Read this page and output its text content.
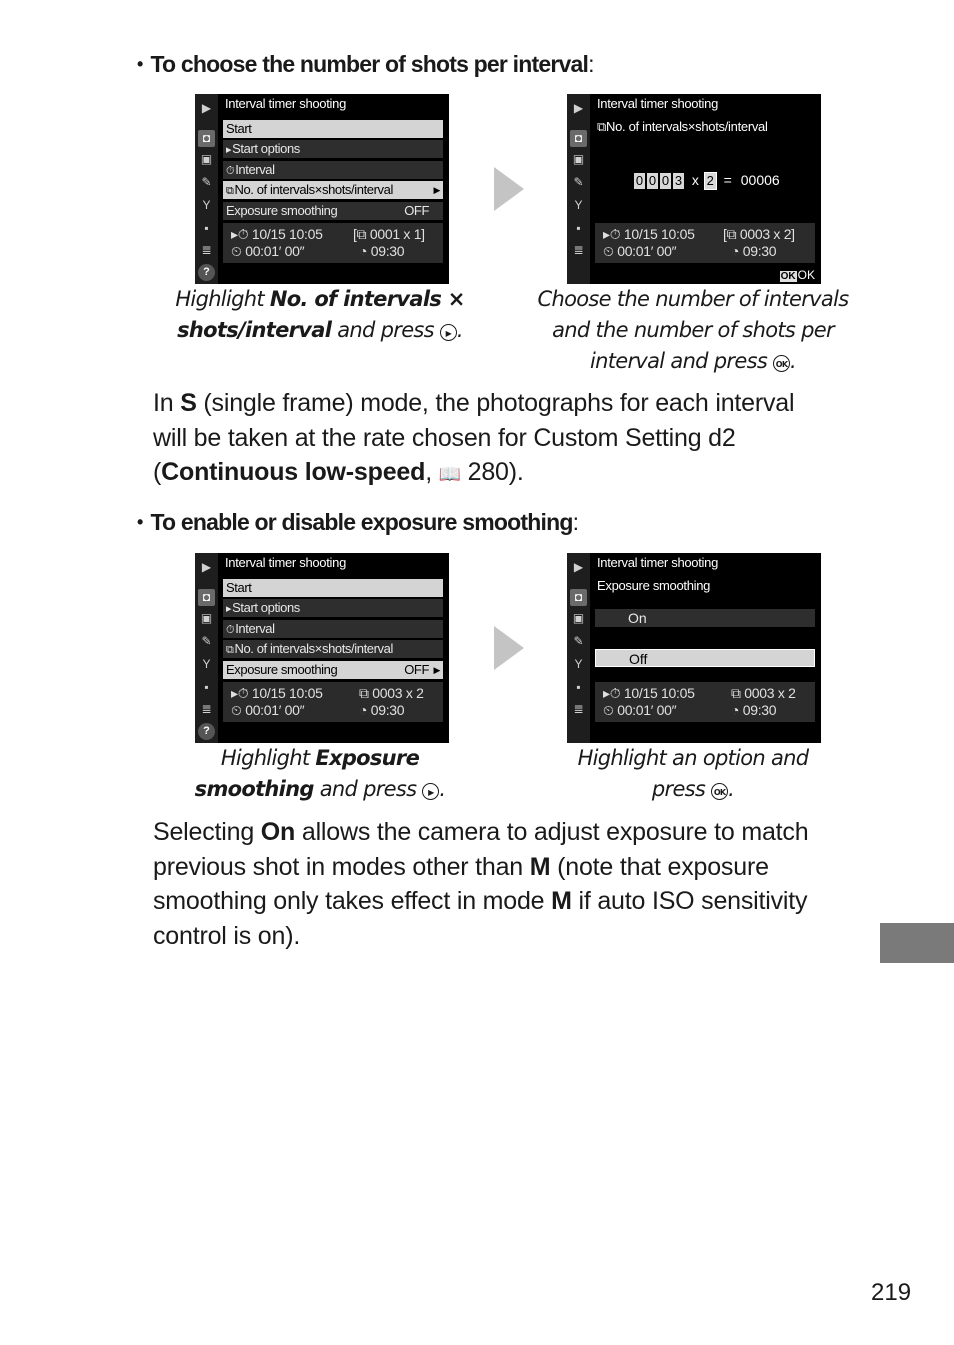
• To choose the number of shots per interval:
▶
◘
▣
✎
Y
▪
≣
?
Interval timer shooting
Start
▸Start options
⏱Interval
⧉No. of intervals×shots/interval	▶
Exposure smoothing	OFF
▸⏱ 10/15 10:05 [⧉ 0001 x 1]
⏲ 00:01′ 00″	◔ 09:30
▶
◘
▣
✎
Y
▪
≣
Interval timer shooting
⧉No. of intervals×shots/interval
0 0 0 3 x 2 = 00006
▸⏱ 10/15 10:05 [⧉ 0003 x 2]
⏲ 00:01′ 00″	◔ 09:30
OK OK
Highlight No. of intervals ×
shots/interval and press ▶ .
Choose the number of intervals
and the number of shots per
interval and press OK .
In S (single frame) mode, the photographs for each interval
will be taken at the rate chosen for Custom Setting d2
(Continuous low-speed, 📖 280).
• To enable or disable exposure smoothing:
▶
◘
▣
✎
Y
▪
≣
?
Interval timer shooting
Start
▸Start options
⏱Interval
⧉No. of intervals×shots/interval
Exposure smoothing	OFF ▶
▸⏱ 10/15 10:05	⧉ 0003 x 2
⏲ 00:01′ 00″	◔ 09:30
▶
◘
▣
✎
Y
▪
≣
Interval timer shooting
Exposure smoothing
On
Off
▸⏱ 10/15 10:05	⧉ 0003 x 2
⏲ 00:01′ 00″	◔ 09:30
Highlight Exposure
smoothing and press ▶ .
Highlight an option and
press OK .
Selecting On allows the camera to adjust exposure to match
previous shot in modes other than M (note that exposure
smoothing only takes effect in mode M if auto ISO sensitivity
control is on).
219
